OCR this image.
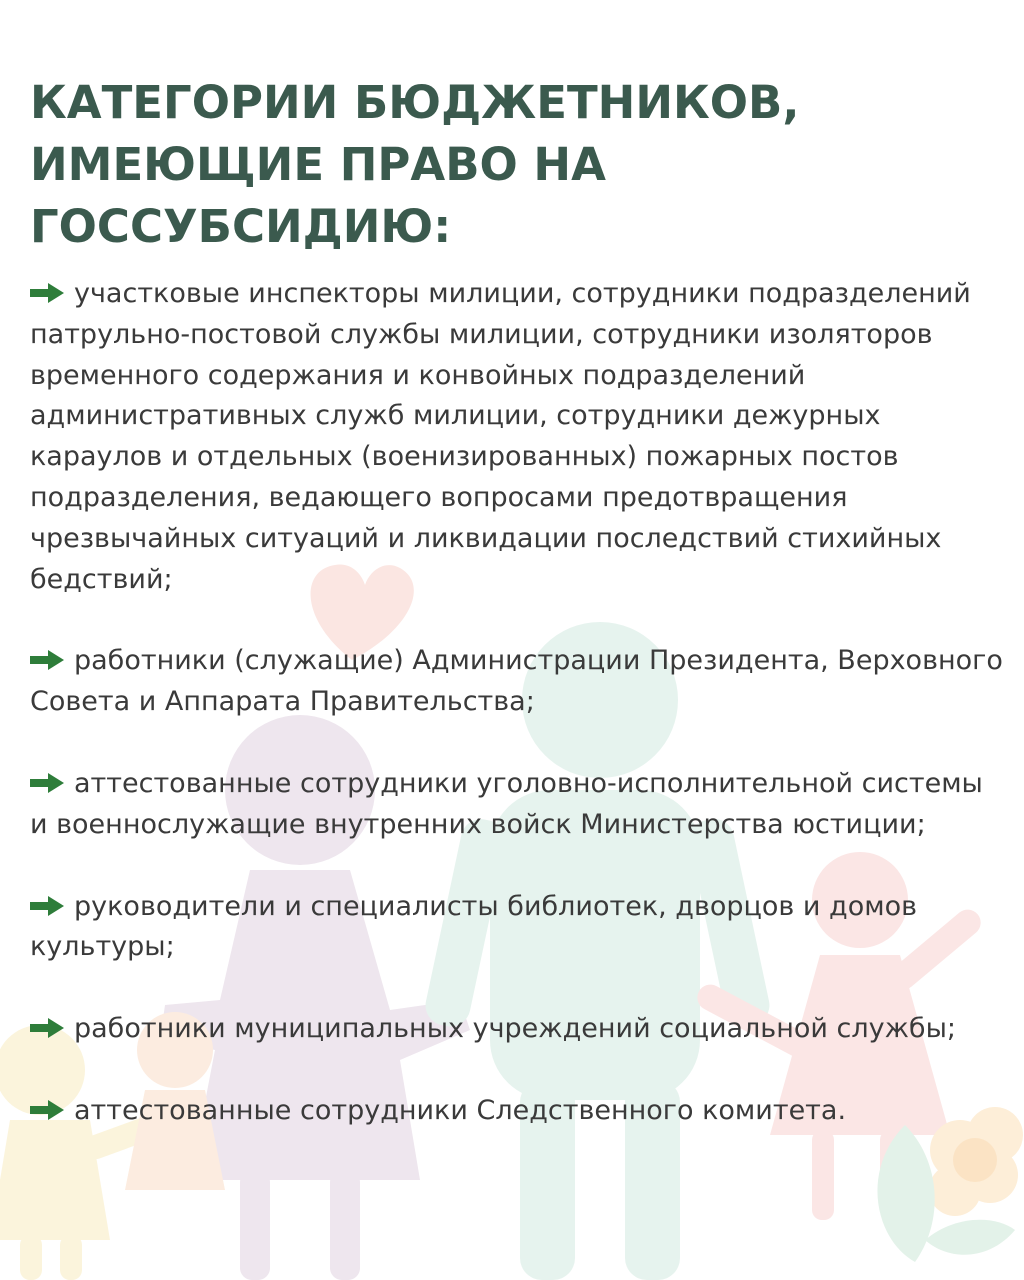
КАТЕГОРИИ БЮДЖЕТНИКОВ,
ИМЕЮЩИЕ ПРАВО НА
ГОССУБСИДИЮ:
участковые инспекторы милиции, сотрудники подразделений патрульно-постовой службы милиции, сотрудники изоляторов временного содержания и конвойных подразделений административных служб милиции, сотрудники дежурных караулов и отдельных (военизированных) пожарных постов подразделения, ведающего вопросами предотвращения чрезвычайных ситуаций и ликвидации последствий стихийных бедствий;
работники (служащие) Администрации Президента, Верховного Совета и Аппарата Правительства;
аттестованные сотрудники уголовно-исполнительной системы и военнослужащие внутренних войск Министерства юстиции;
руководители и специалисты библиотек, дворцов и домов культуры;
работники муниципальных учреждений социальной службы;
аттестованные сотрудники Следственного комитета.
